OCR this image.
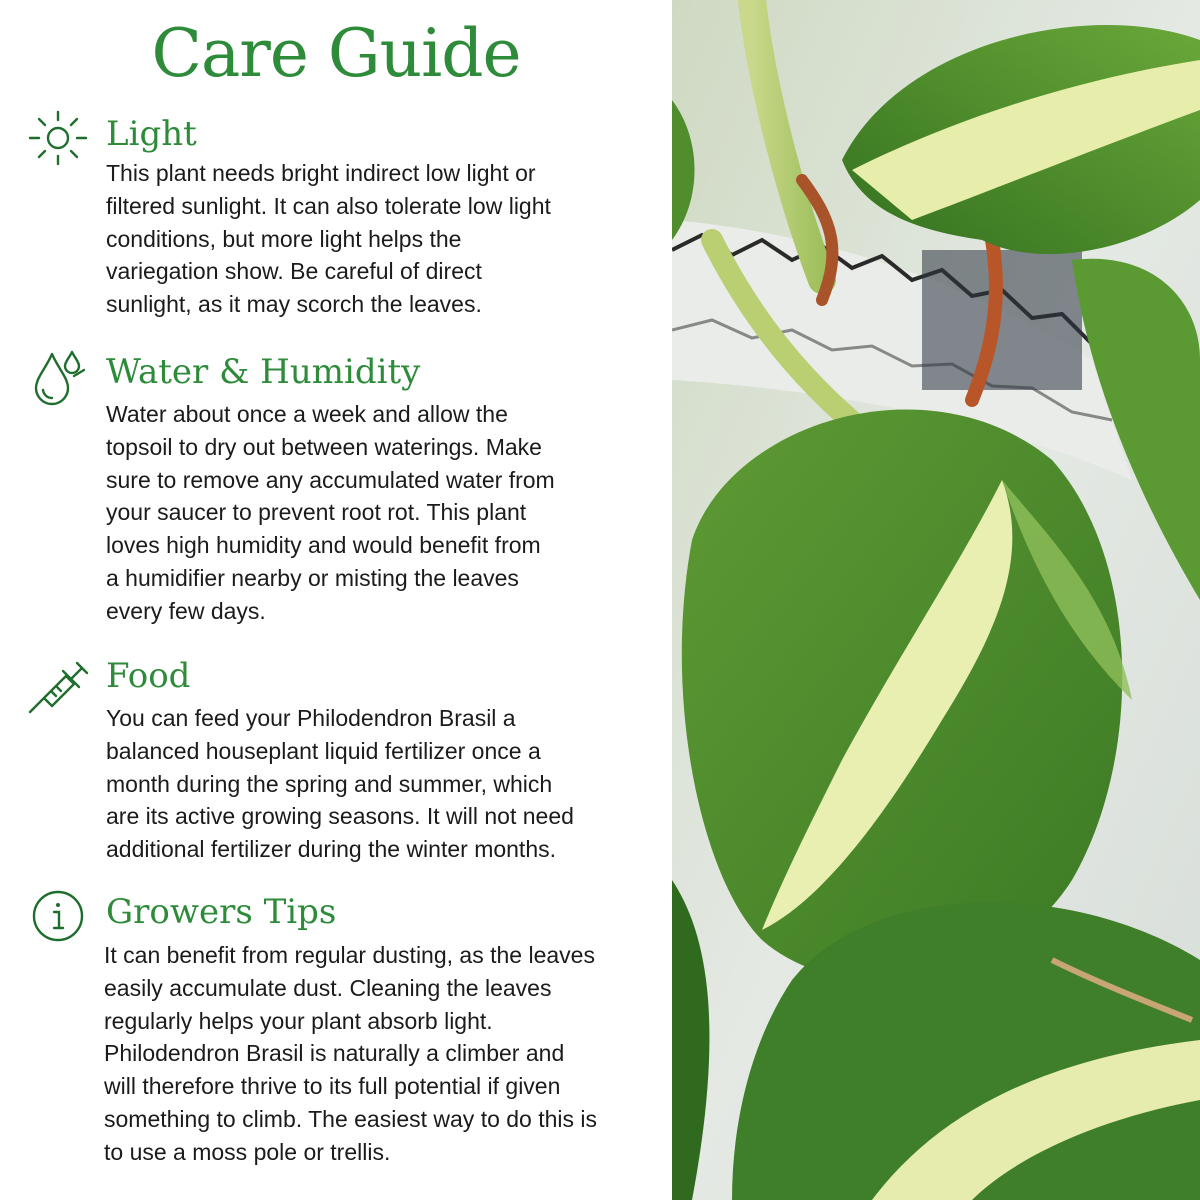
Care Guide
Light

This plant needs bright indirect low light or
filtered sunlight. It can also tolerate low light
conditions, but more light helps the
variegation show. Be careful of direct
sunlight, as it may scorch the leaves.

Water & Humidity

Water about once a week and allow the
topsoil to dry out between waterings. Make
sure to remove any accumulated water from
your saucer to prevent root rot. This plant
loves high humidity and would benefit from
a humidifier nearby or misting the leaves
every few days.

Food

You can feed your Philodendron Brasil a
balanced houseplant liquid fertilizer once a
month during the spring and summer, which
are its active growing seasons. It will not need
additional fertilizer during the winter months.

Growers Tips

It can benefit from regular dusting, as the leaves
easily accumulate dust. Cleaning the leaves
regularly helps your plant absorb light.
Philodendron Brasil is naturally a climber and
will therefore thrive to its full potential if given
something to climb. The easiest way to do this is
to use a moss pole or trellis.
